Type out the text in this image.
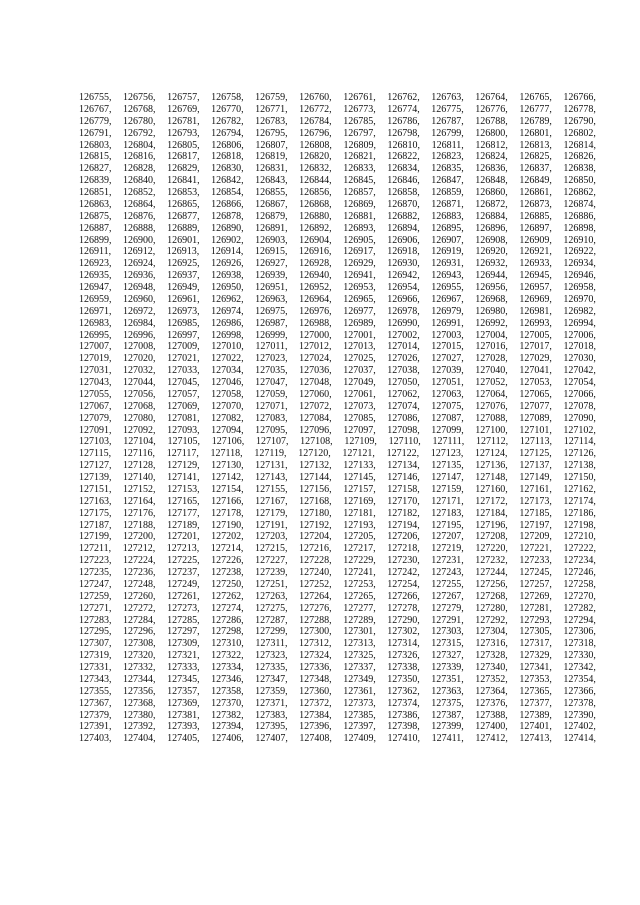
126755, 126756, 126757, 126758, 126759, 126760, 126761, 126762, 126763, 126764, 126765, 126766,
126767, 126768, 126769, 126770, 126771, 126772, 126773, 126774, 126775, 126776, 126777, 126778,
126779, 126780, 126781, 126782, 126783, 126784, 126785, 126786, 126787, 126788, 126789, 126790,
126791, 126792, 126793, 126794, 126795, 126796, 126797, 126798, 126799, 126800, 126801, 126802,
126803, 126804, 126805, 126806, 126807, 126808, 126809, 126810, 126811, 126812, 126813, 126814,
126815, 126816, 126817, 126818, 126819, 126820, 126821, 126822, 126823, 126824, 126825, 126826,
126827, 126828, 126829, 126830, 126831, 126832, 126833, 126834, 126835, 126836, 126837, 126838,
126839, 126840, 126841, 126842, 126843, 126844, 126845, 126846, 126847, 126848, 126849, 126850,
126851, 126852, 126853, 126854, 126855, 126856, 126857, 126858, 126859, 126860, 126861, 126862,
126863, 126864, 126865, 126866, 126867, 126868, 126869, 126870, 126871, 126872, 126873, 126874,
126875, 126876, 126877, 126878, 126879, 126880, 126881, 126882, 126883, 126884, 126885, 126886,
126887, 126888, 126889, 126890, 126891, 126892, 126893, 126894, 126895, 126896, 126897, 126898,
126899, 126900, 126901, 126902, 126903, 126904, 126905, 126906, 126907, 126908, 126909, 126910,
126911, 126912, 126913, 126914, 126915, 126916, 126917, 126918, 126919, 126920, 126921, 126922,
126923, 126924, 126925, 126926, 126927, 126928, 126929, 126930, 126931, 126932, 126933, 126934,
126935, 126936, 126937, 126938, 126939, 126940, 126941, 126942, 126943, 126944, 126945, 126946,
126947, 126948, 126949, 126950, 126951, 126952, 126953, 126954, 126955, 126956, 126957, 126958,
126959, 126960, 126961, 126962, 126963, 126964, 126965, 126966, 126967, 126968, 126969, 126970,
126971, 126972, 126973, 126974, 126975, 126976, 126977, 126978, 126979, 126980, 126981, 126982,
126983, 126984, 126985, 126986, 126987, 126988, 126989, 126990, 126991, 126992, 126993, 126994,
126995, 126996, 126997, 126998, 126999, 127000, 127001, 127002, 127003, 127004, 127005, 127006,
127007, 127008, 127009, 127010, 127011, 127012, 127013, 127014, 127015, 127016, 127017, 127018,
127019, 127020, 127021, 127022, 127023, 127024, 127025, 127026, 127027, 127028, 127029, 127030,
127031, 127032, 127033, 127034, 127035, 127036, 127037, 127038, 127039, 127040, 127041, 127042,
127043, 127044, 127045, 127046, 127047, 127048, 127049, 127050, 127051, 127052, 127053, 127054,
127055, 127056, 127057, 127058, 127059, 127060, 127061, 127062, 127063, 127064, 127065, 127066,
127067, 127068, 127069, 127070, 127071, 127072, 127073, 127074, 127075, 127076, 127077, 127078,
127079, 127080, 127081, 127082, 127083, 127084, 127085, 127086, 127087, 127088, 127089, 127090,
127091, 127092, 127093, 127094, 127095, 127096, 127097, 127098, 127099, 127100, 127101, 127102,
127103, 127104, 127105, 127106, 127107, 127108, 127109, 127110, 127111, 127112, 127113, 127114,
127115, 127116, 127117, 127118, 127119, 127120, 127121, 127122, 127123, 127124, 127125, 127126,
127127, 127128, 127129, 127130, 127131, 127132, 127133, 127134, 127135, 127136, 127137, 127138,
127139, 127140, 127141, 127142, 127143, 127144, 127145, 127146, 127147, 127148, 127149, 127150,
127151, 127152, 127153, 127154, 127155, 127156, 127157, 127158, 127159, 127160, 127161, 127162,
127163, 127164, 127165, 127166, 127167, 127168, 127169, 127170, 127171, 127172, 127173, 127174,
127175, 127176, 127177, 127178, 127179, 127180, 127181, 127182, 127183, 127184, 127185, 127186,
127187, 127188, 127189, 127190, 127191, 127192, 127193, 127194, 127195, 127196, 127197, 127198,
127199, 127200, 127201, 127202, 127203, 127204, 127205, 127206, 127207, 127208, 127209, 127210,
127211, 127212, 127213, 127214, 127215, 127216, 127217, 127218, 127219, 127220, 127221, 127222,
127223, 127224, 127225, 127226, 127227, 127228, 127229, 127230, 127231, 127232, 127233, 127234,
127235, 127236, 127237, 127238, 127239, 127240, 127241, 127242, 127243, 127244, 127245, 127246,
127247, 127248, 127249, 127250, 127251, 127252, 127253, 127254, 127255, 127256, 127257, 127258,
127259, 127260, 127261, 127262, 127263, 127264, 127265, 127266, 127267, 127268, 127269, 127270,
127271, 127272, 127273, 127274, 127275, 127276, 127277, 127278, 127279, 127280, 127281, 127282,
127283, 127284, 127285, 127286, 127287, 127288, 127289, 127290, 127291, 127292, 127293, 127294,
127295, 127296, 127297, 127298, 127299, 127300, 127301, 127302, 127303, 127304, 127305, 127306,
127307, 127308, 127309, 127310, 127311, 127312, 127313, 127314, 127315, 127316, 127317, 127318,
127319, 127320, 127321, 127322, 127323, 127324, 127325, 127326, 127327, 127328, 127329, 127330,
127331, 127332, 127333, 127334, 127335, 127336, 127337, 127338, 127339, 127340, 127341, 127342,
127343, 127344, 127345, 127346, 127347, 127348, 127349, 127350, 127351, 127352, 127353, 127354,
127355, 127356, 127357, 127358, 127359, 127360, 127361, 127362, 127363, 127364, 127365, 127366,
127367, 127368, 127369, 127370, 127371, 127372, 127373, 127374, 127375, 127376, 127377, 127378,
127379, 127380, 127381, 127382, 127383, 127384, 127385, 127386, 127387, 127388, 127389, 127390,
127391, 127392, 127393, 127394, 127395, 127396, 127397, 127398, 127399, 127400, 127401, 127402,
127403, 127404, 127405, 127406, 127407, 127408, 127409, 127410, 127411, 127412, 127413, 127414,
